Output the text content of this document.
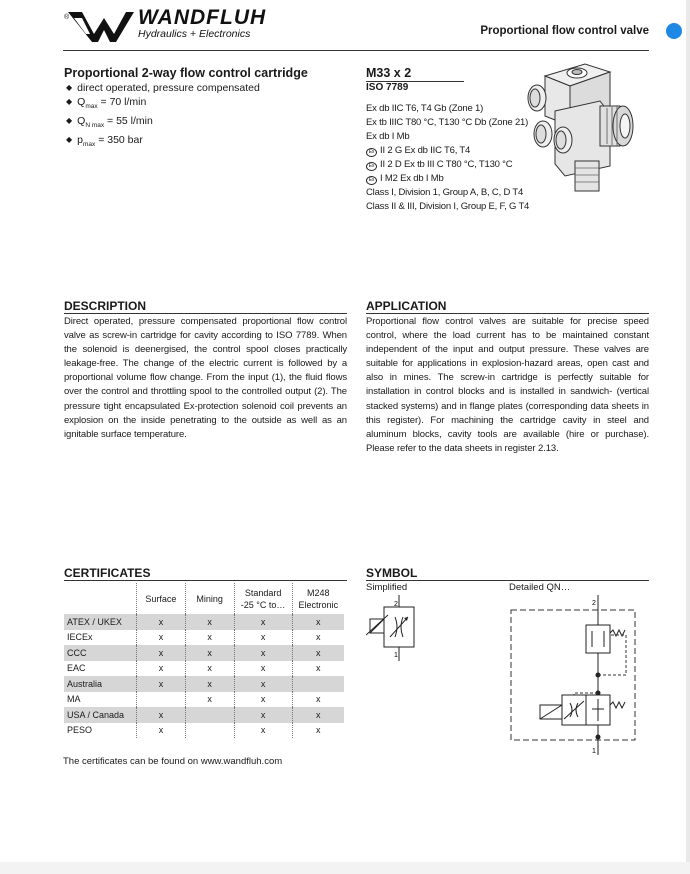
®	WANDFLUH
Hydraulics + Electronics	Proportional flow control valve
Proportional 2-way flow control cartridge
◆ direct operated, pressure compensated
◆ $Q_{max} = 70$ l/min
◆ $Q_{N max} = 55$ l/min
◆ $p_{max} = 350$ bar
M33 x 2
ISO 7789
Ex db IIC T6, T4 Gb (Zone 1)
Ex tb IIIC T80 °C, T130 °C Db (Zone 21)
Ex db I Mb
Ex II 2 G Ex db IIC T6, T4
Ex II 2 D Ex tb III C T80 °C, T130 °C
Ex I M2 Ex db I Mb
Class I, Division 1, Group A, B, C, D T4
Class II & III, Division I, Group E, F, G T4
DESCRIPTION
Direct operated, pressure compensated proportional flow control valve as screw-in cartridge for cavity according to ISO 7789. When the solenoid is deenergised, the control spool closes practically leakage-free. The change of the electric current is followed by a proportional volume flow change. From the input (1), the fluid flows over the control and throttling spool to the controlled output (2). The pressure tight encapsulated Ex-protection solenoid coil prevents an explosion on the inside penetrating to the outside as well as an ignitable surface temperature.
APPLICATION
Proportional flow control valves are suitable for precise speed control, where the load current has to be maintained constant independent of the input and output pressure. These valves are suitable for applications in explosion-hazard areas, open cast and also in mines. The screw-in cartridge is perfectly suitable for installation in control blocks and is installed in sandwich- (vertical stacked systems) and in flange plates (corresponding data sheets in this register). For machining the cartridge cavity in steel and aluminum blocks, cavity tools are available (hire or purchase). Please refer to the data sheets in register 2.13.
CERTIFICATES
	Surface	Mining	Standard
-25 °C to…	M248
Electronic
ATEX / UKEX	x	x	x	x
IECEx	x	x	x	x
CCC	x	x	x	x
EAC	x	x	x	x
Australia	x	x	x	
MA		x	x	x
USA / Canada	x		x	x
PESO	x		x	x
The certificates can be found on www.wandfluh.com
SYMBOL
Simplified	Detailed QN…
2
1
2
1
